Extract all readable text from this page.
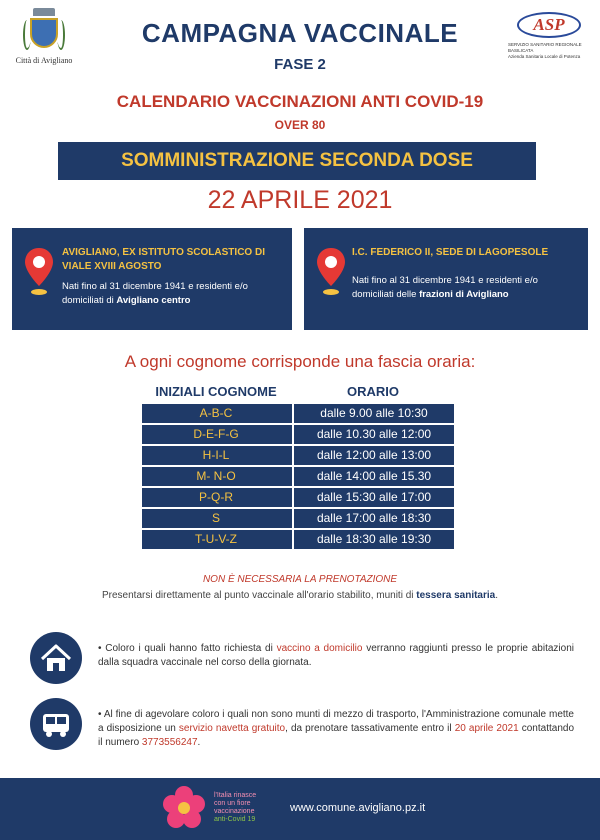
Città di Avigliano
CAMPAGNA VACCINALE
FASE 2
ASP
SERVIZIO SANITARIO REGIONALE
BASILICATA
Azienda Sanitaria Locale di Potenza
CALENDARIO VACCINAZIONI ANTI COVID-19
OVER 80
SOMMINISTRAZIONE SECONDA DOSE
22 APRILE 2021
AVIGLIANO, EX ISTITUTO SCOLASTICO DI VIALE XVIII AGOSTO
Nati fino al 31 dicembre 1941 e residenti e/o domiciliati di Avigliano centro
I.C. FEDERICO II, SEDE DI LAGOPESOLE
Nati fino al 31 dicembre 1941 e residenti e/o domiciliati delle frazioni di Avigliano
A ogni cognome corrisponde una fascia oraria:
INIZIALI COGNOME	ORARIO
A-B-C	dalle 9.00 alle 10:30
D-E-F-G	dalle 10.30 alle 12:00
H-I-L	dalle 12:00 alle 13:00
M- N-O	dalle 14:00 alle 15.30
P-Q-R	dalle 15:30 alle 17:00
S	dalle 17:00 alle 18:30
T-U-V-Z	dalle 18:30 alle 19:30
NON È NECESSARIA LA PRENOTAZIONE
Presentarsi direttamente al punto vaccinale all'orario stabilito, muniti di tessera sanitaria.
• Coloro i quali hanno fatto richiesta di vaccino a domicilio verranno raggiunti presso le proprie abitazioni dalla squadra vaccinale nel corso della giornata.
• Al fine di agevolare coloro i quali non sono munti di mezzo di trasporto, l'Amministrazione comunale mette a disposizione un servizio navetta gratuito, da prenotare tassativamente entro il 20 aprile 2021 contattando il numero 3773556247.
l'Italia rinasce
con un fiore
vaccinazione
anti-Covid 19
www.comune.avigliano.pz.it
